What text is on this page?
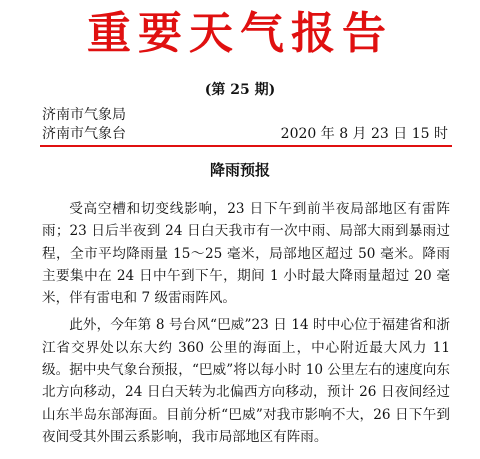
重要天气报告
(第 25 期)
济南市气象局
济南市气象台	2020 年 8 月 23 日 15 时
降雨预报

受高空槽和切变线影响，23 日下午到前半夜局部地区有雷阵雨；23 日后半夜到 24 日白天我市有一次中雨、局部大雨到暴雨过程，全市平均降雨量 15～25 毫米，局部地区超过 50 毫米。降雨主要集中在 24 日中午到下午，期间 1 小时最大降雨量超过 20 毫米，伴有雷电和 7 级雷雨阵风。

此外，今年第 8 号台风“巴威”23 日 14 时中心位于福建省和浙江省交界处以东大约 360 公里的海面上，中心附近最大风力 11 级。据中央气象台预报，“巴威”将以每小时 10 公里左右的速度向东北方向移动，24 日白天转为北偏西方向移动，预计 26 日夜间经过山东半岛东部海面。目前分析“巴威”对我市影响不大，26 日下午到夜间受其外围云系影响，我市局部地区有阵雨。
